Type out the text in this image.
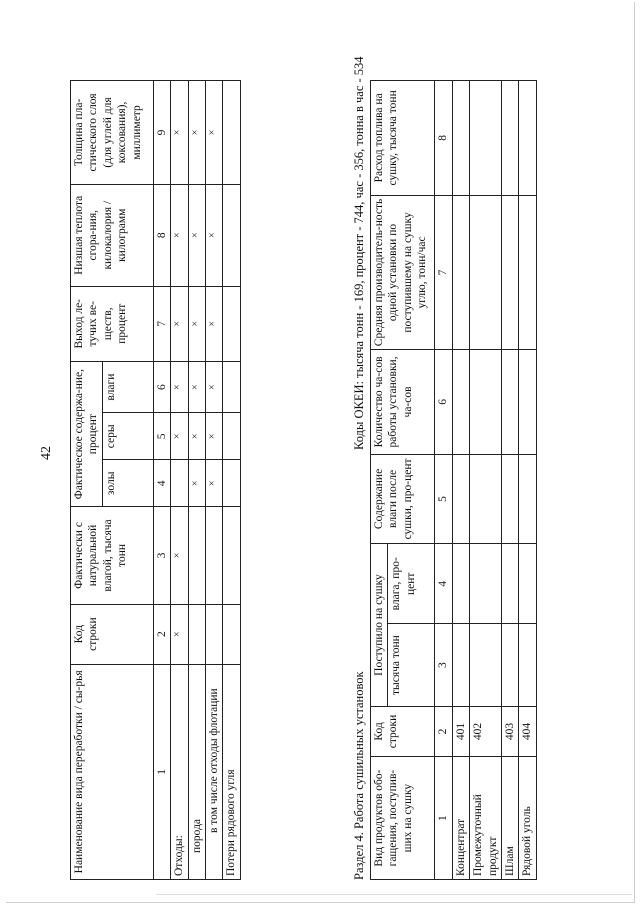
42
Наименование вида переработки / сы-рья	Код строки	Фактически с натуральной влагой, тысяча тонн	Фактическое содержа-ние, процент			Выход ле-тучих ве-ществ, процент	Низшая теплота сгора-ния, килокалория /килограмм	Толщина пла-стического слоя (для углей для коксования), миллиметр
			золы	серы	влаги			
1	2	3	4	5	6	7	8	9
Отходы:	×	×		×	×	×	×	×
порода			×	×	×	×	×	×
в том числе отходы флотации			×	×	×	×	×	×
Потери рядового угля									Раздел 4. Работа сушильных установок
Коды ОКЕИ: тысяча тонн - 169, процент - 744, час - 356, тонна в час - 534
Вид продуктов обо-гащения, поступив-ших на сушку	Код строки	Поступило на сушку		Содержание влаги после сушки, про-цент	Количество ча-сов работы установки, ча-сов	Средняя производитель-ность одной установки по поступившему на сушку углю, тонн/час	Расход топлива на сушку, тысяча тонн
		тысяча тонн	влага, про-цент				
1	2	3	4	5	6	7	8
Концентрат	401						
Промежуточный продукт	402						
Шлам	403						
Рядовой уголь	404						
